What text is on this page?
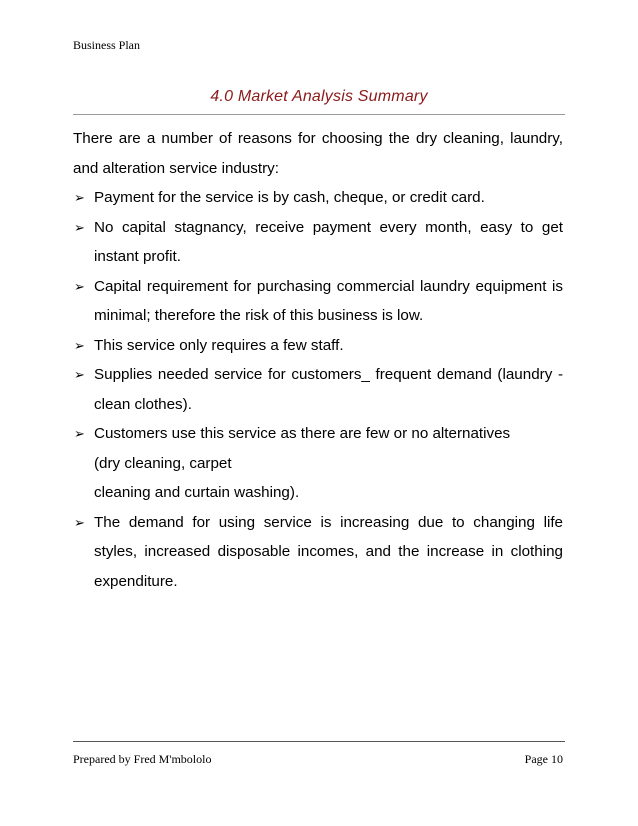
Business Plan
4.0 Market Analysis Summary

There are a number of reasons for choosing the dry cleaning, laundry, and alteration service industry:

➢ Payment for the service is by cash, cheque, or credit card.
➢ No capital stagnancy, receive payment every month, easy to get instant profit.
➢ Capital requirement for purchasing commercial laundry equipment is minimal; therefore the risk of this business is low.
➢ This service only requires a few staff.
➢ Supplies needed service for customers_ frequent demand (laundry - clean clothes).
➢ Customers use this service as there are few or no alternatives
(dry cleaning, carpet
cleaning and curtain washing).
➢ The demand for using service is increasing due to changing life styles, increased disposable incomes, and the increase in clothing expenditure.
Prepared by Fred M'mbololo	Page 10
